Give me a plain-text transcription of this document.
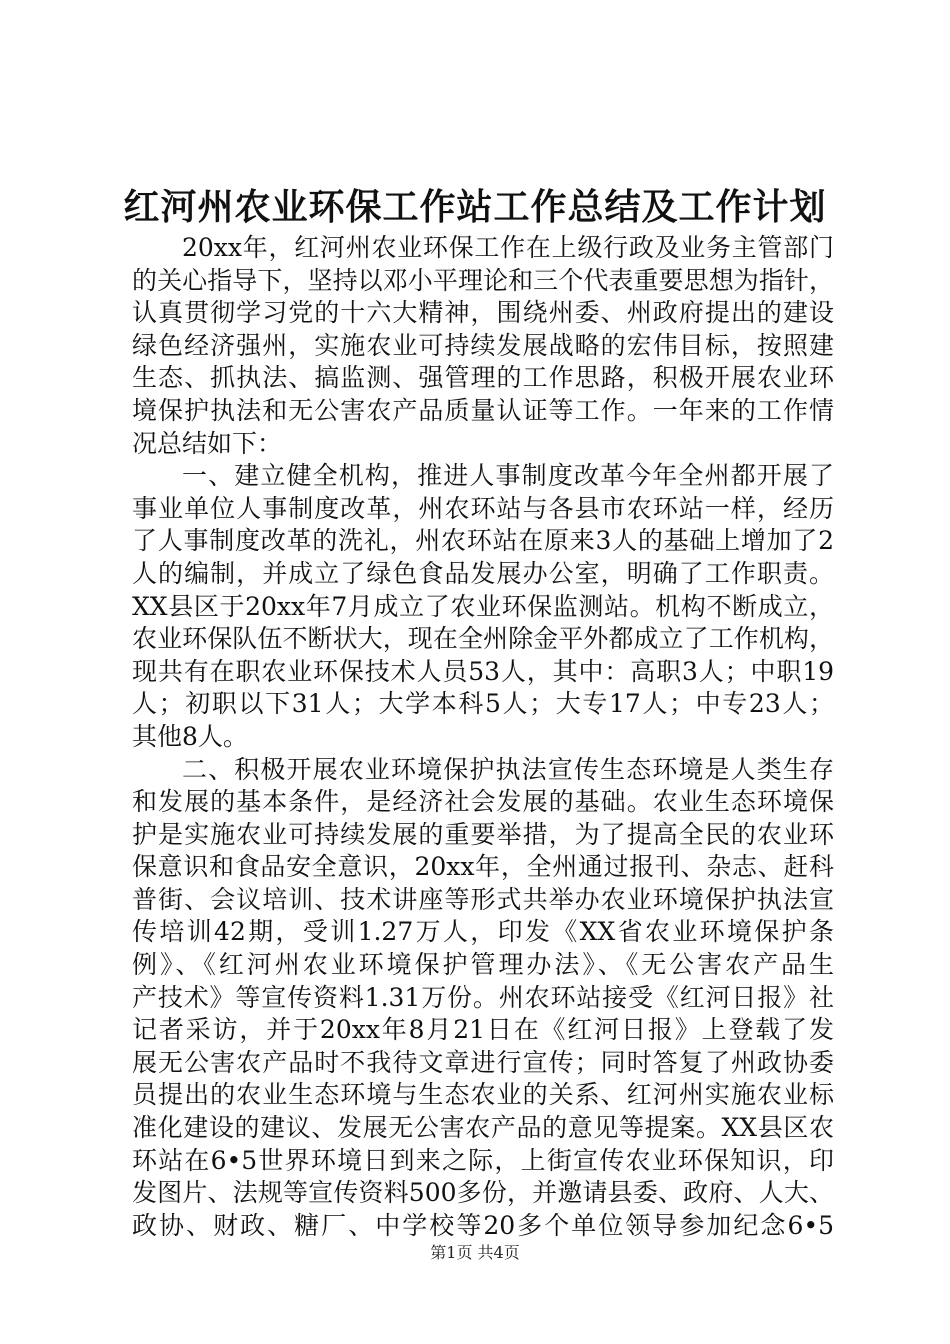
红河州农业环保工作站工作总结及工作计划
20xx年，红河州农业环保工作在上级行政及业务主管部门
的关心指导下，坚持以邓小平理论和三个代表重要思想为指针，
认真贯彻学习党的十六大精神，围绕州委、州政府提出的建设
绿色经济强州，实施农业可持续发展战略的宏伟目标，按照建
生态、抓执法、搞监测、强管理的工作思路，积极开展农业环
境保护执法和无公害农产品质量认证等工作。一年来的工作情
况总结如下：
一、建立健全机构，推进人事制度改革今年全州都开展了
事业单位人事制度改革，州农环站与各县市农环站一样，经历
了人事制度改革的洗礼，州农环站在原来3人的基础上增加了2
人的编制，并成立了绿色食品发展办公室，明确了工作职责。
XX县区于20xx年7月成立了农业环保监测站。机构不断成立，
农业环保队伍不断状大，现在全州除金平外都成立了工作机构，
现共有在职农业环保技术人员53人，其中：高职3人；中职19
人；初职以下31人；大学本科5人；大专17人；中专23人；
其他8人。
二、积极开展农业环境保护执法宣传生态环境是人类生存
和发展的基本条件，是经济社会发展的基础。农业生态环境保
护是实施农业可持续发展的重要举措，为了提高全民的农业环
保意识和食品安全意识，20xx年，全州通过报刊、杂志、赶科
普街、会议培训、技术讲座等形式共举办农业环境保护执法宣
传培训42期，受训1.27万人，印发《XX省农业环境保护条
例》、《红河州农业环境保护管理办法》、《无公害农产品生
产技术》等宣传资料1.31万份。州农环站接受《红河日报》社
记者采访，并于20xx年8月21日在《红河日报》上登载了发
展无公害农产品时不我待文章进行宣传；同时答复了州政协委
员提出的农业生态环境与生态农业的关系、红河州实施农业标
准化建设的建议、发展无公害农产品的意见等提案。XX县区农
环站在6•5世界环境日到来之际，上街宣传农业环保知识，印
发图片、法规等宣传资料500多份，并邀请县委、政府、人大、
政协、财政、糖厂、中学校等20多个单位领导参加纪念6•5
第1页 共4页
